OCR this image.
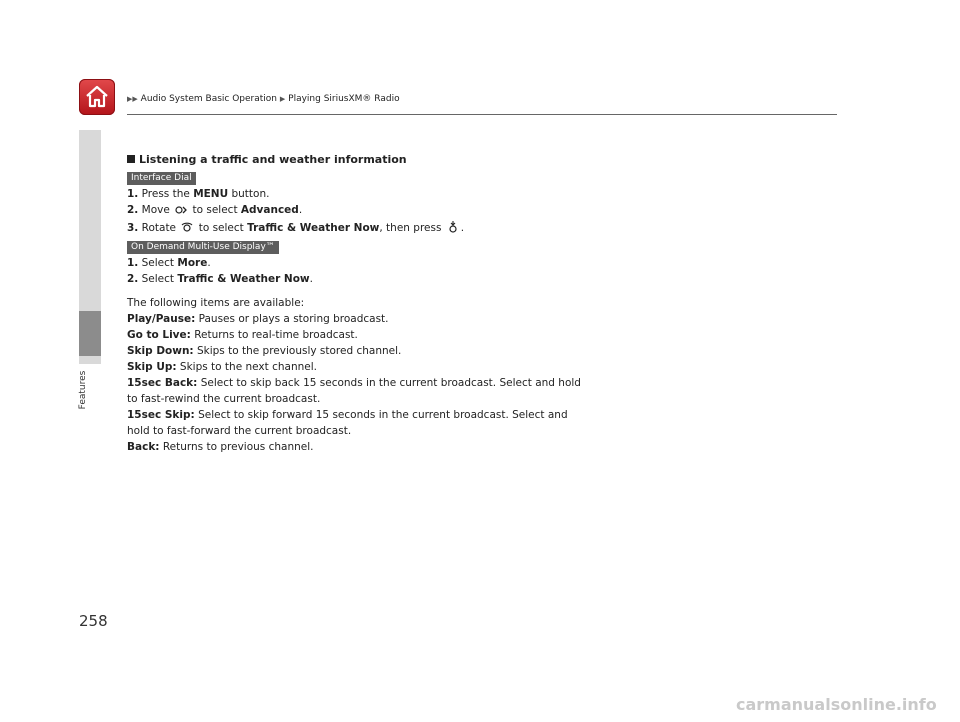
▶▶ Audio System Basic Operation ▶ Playing SiriusXM® Radio
Features
Listening a traffic and weather information
Interface Dial
1. Press the MENU button.
2. Move  to select Advanced.
3. Rotate  to select Traffic & Weather Now, then press .
On Demand Multi-Use Display™
1. Select More.
2. Select Traffic & Weather Now.
The following items are available:
Play/Pause: Pauses or plays a storing broadcast.
Go to Live: Returns to real-time broadcast.
Skip Down: Skips to the previously stored channel.
Skip Up: Skips to the next channel.
15sec Back: Select to skip back 15 seconds in the current broadcast. Select and hold
to fast-rewind the current broadcast.
15sec Skip: Select to skip forward 15 seconds in the current broadcast. Select and
hold to fast-forward the current broadcast.
Back: Returns to previous channel.
258
carmanualsonline.info
